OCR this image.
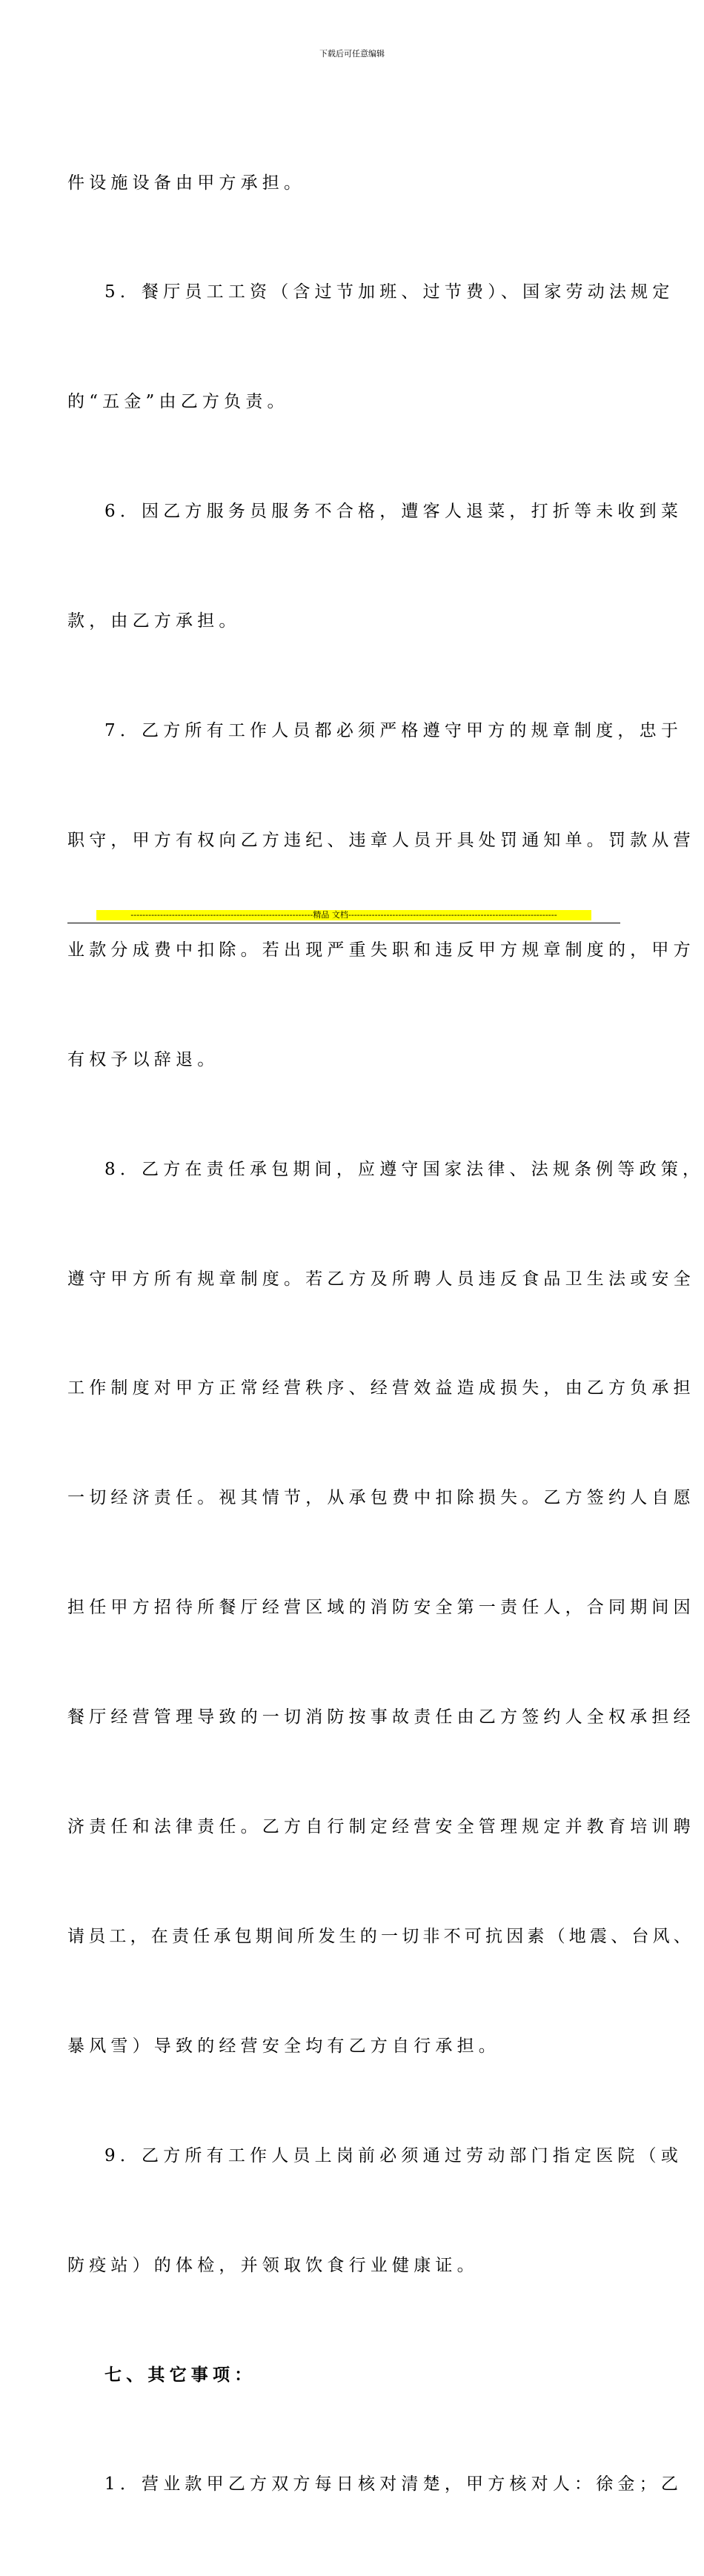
下载后可任意编辑

件设施设备由甲方承担。

5．餐厅员工工资（含过节加班、过节费）、国家劳动法规定

的“五金”由乙方负责。

6．因乙方服务员服务不合格，遭客人退菜，打折等未收到菜

款，由乙方承担。

7．乙方所有工作人员都必须严格遵守甲方的规章制度，忠于

职守，甲方有权向乙方违纪、违章人员开具处罚通知单。罚款从营

业款分成费中扣除。若出现严重失职和违反甲方规章制度的，甲方

有权予以辞退。

8．乙方在责任承包期间，应遵守国家法律、法规条例等政策，

遵守甲方所有规章制度。若乙方及所聘人员违反食品卫生法或安全

工作制度对甲方正常经营秩序、经营效益造成损失，由乙方负承担

一切经济责任。视其情节，从承包费中扣除损失。乙方签约人自愿

担任甲方招待所餐厅经营区域的消防安全第一责任人，合同期间因

餐厅经营管理导致的一切消防按事故责任由乙方签约人全权承担经

济责任和法律责任。乙方自行制定经营安全管理规定并教育培训聘

请员工，在责任承包期间所发生的一切非不可抗因素（地震、台风、

暴风雪）导致的经营安全均有乙方自行承担。

9．乙方所有工作人员上岗前必须通过劳动部门指定医院（或

防疫站）的体检，并领取饮食行业健康证。

七、其它事项：

1．营业款甲乙方双方每日核对清楚，甲方核对人：徐金；乙

--------------------------------------------------------------精品 文档-----------------------------------------------------------------------
